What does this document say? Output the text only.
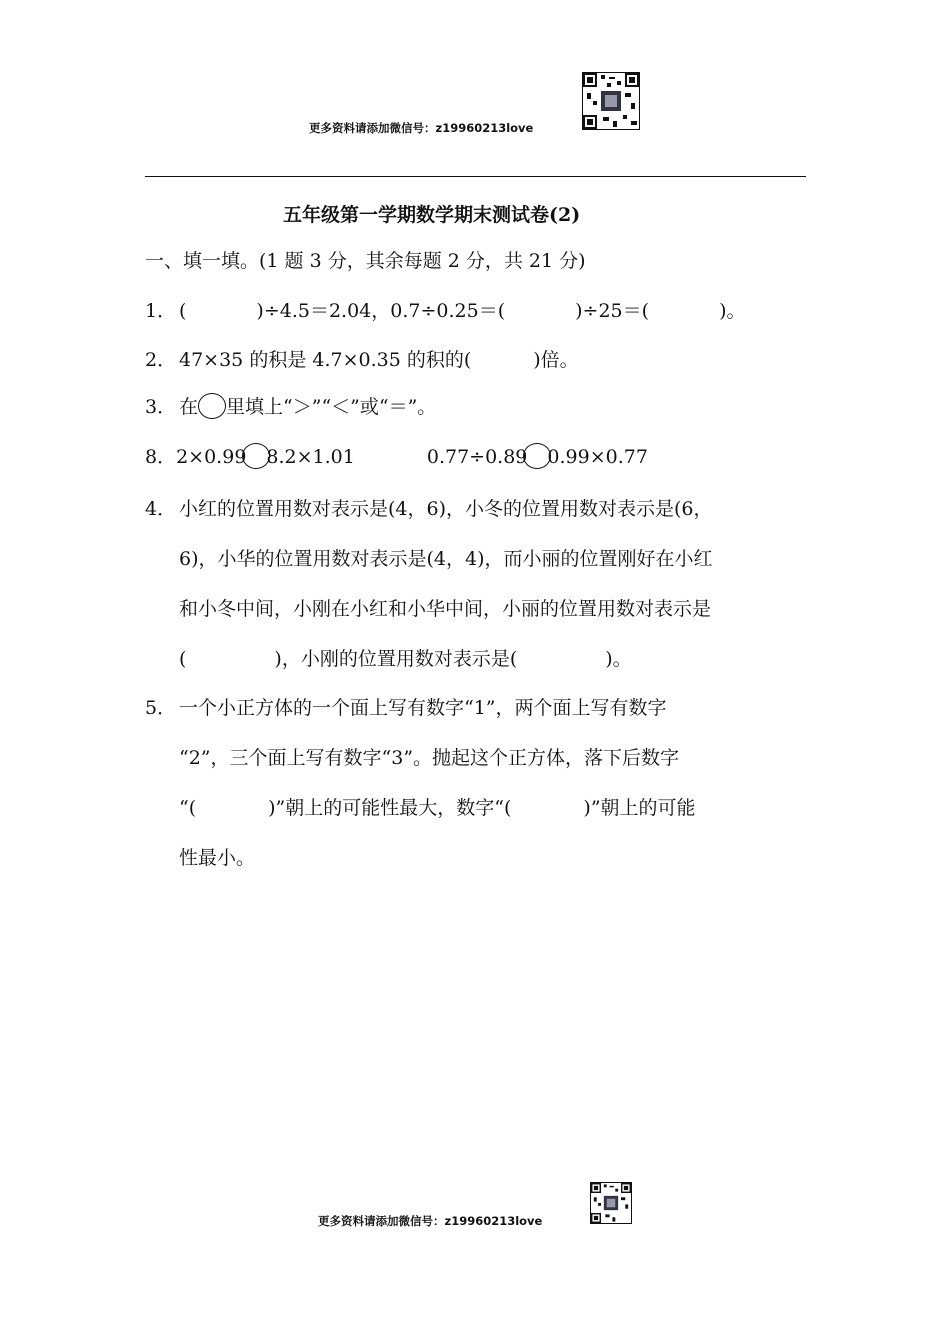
更多资料请添加微信号：z19960213love
五年级第一学期数学期末测试卷(2)
一、填一填。(1 题 3 分，其余每题 2 分，共 21 分)
1． (	)÷4.5＝2.04，0.7÷0.25＝(	)÷25＝(	)。
2． 47×35 的积是 4.7×0.35 的积的(	)倍。
3． 在 里填上“＞”“＜”或“＝”。
8．2×0.99 8.2×1.01	0.77÷0.89 0.99×0.77
4． 小红的位置用数对表示是(4，6)，小冬的位置用数对表示是(6，
6)，小华的位置用数对表示是(4，4)，而小丽的位置刚好在小红
和小冬中间，小刚在小红和小华中间，小丽的位置用数对表示是
(	)，小刚的位置用数对表示是(	)。
5． 一个小正方体的一个面上写有数字“1”，两个面上写有数字
“2”，三个面上写有数字“3”。抛起这个正方体，落下后数字
“(	)”朝上的可能性最大，数字“(	)”朝上的可能
性最小。
更多资料请添加微信号：z19960213love
